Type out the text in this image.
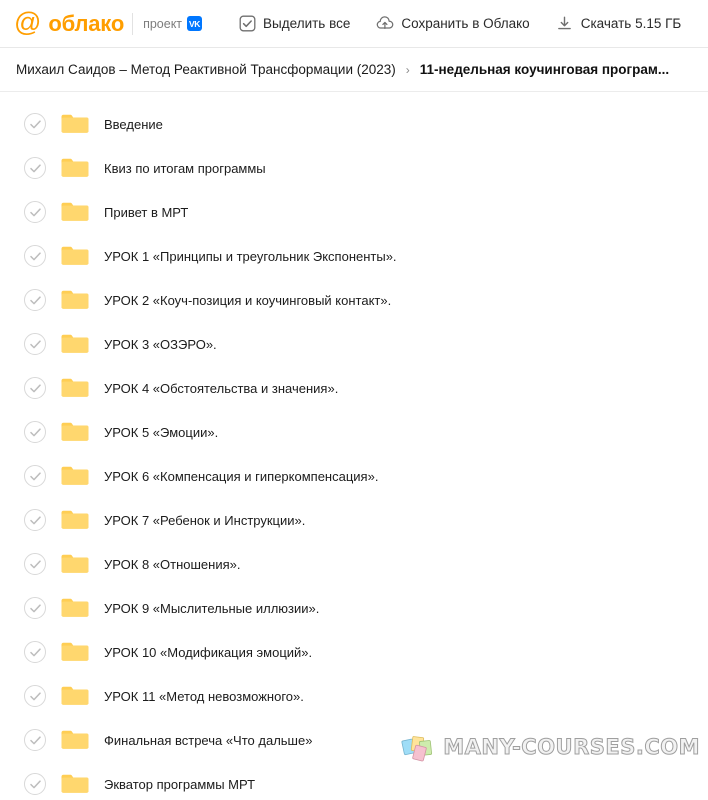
@ облако проект VK	Выделить все	Сохранить в Облако	Скачать 5.15 ГБ
Михаил Саидов – Метод Реактивной Трансформации (2023) › 11-недельная коучинговая програм...
Введение
Квиз по итогам программы
Привет в МРТ
УРОК 1 «Принципы и треугольник Экспоненты».
УРОК 2 «Коуч-позиция и коучинговый контакт».
УРОК 3 «ОЗЭРО».
УРОК 4 «Обстоятельства и значения».
УРОК 5 «Эмоции».
УРОК 6 «Компенсация и гиперкомпенсация».
УРОК 7 «Ребенок и Инструкции».
УРОК 8 «Отношения».
УРОК 9 «Мыслительные иллюзии».
УРОК 10 «Модификация эмоций».
УРОК 11 «Метод невозможного».
Финальная встреча «Что дальше»
Экватор программы МРТ
MANY-COURSES.COM
